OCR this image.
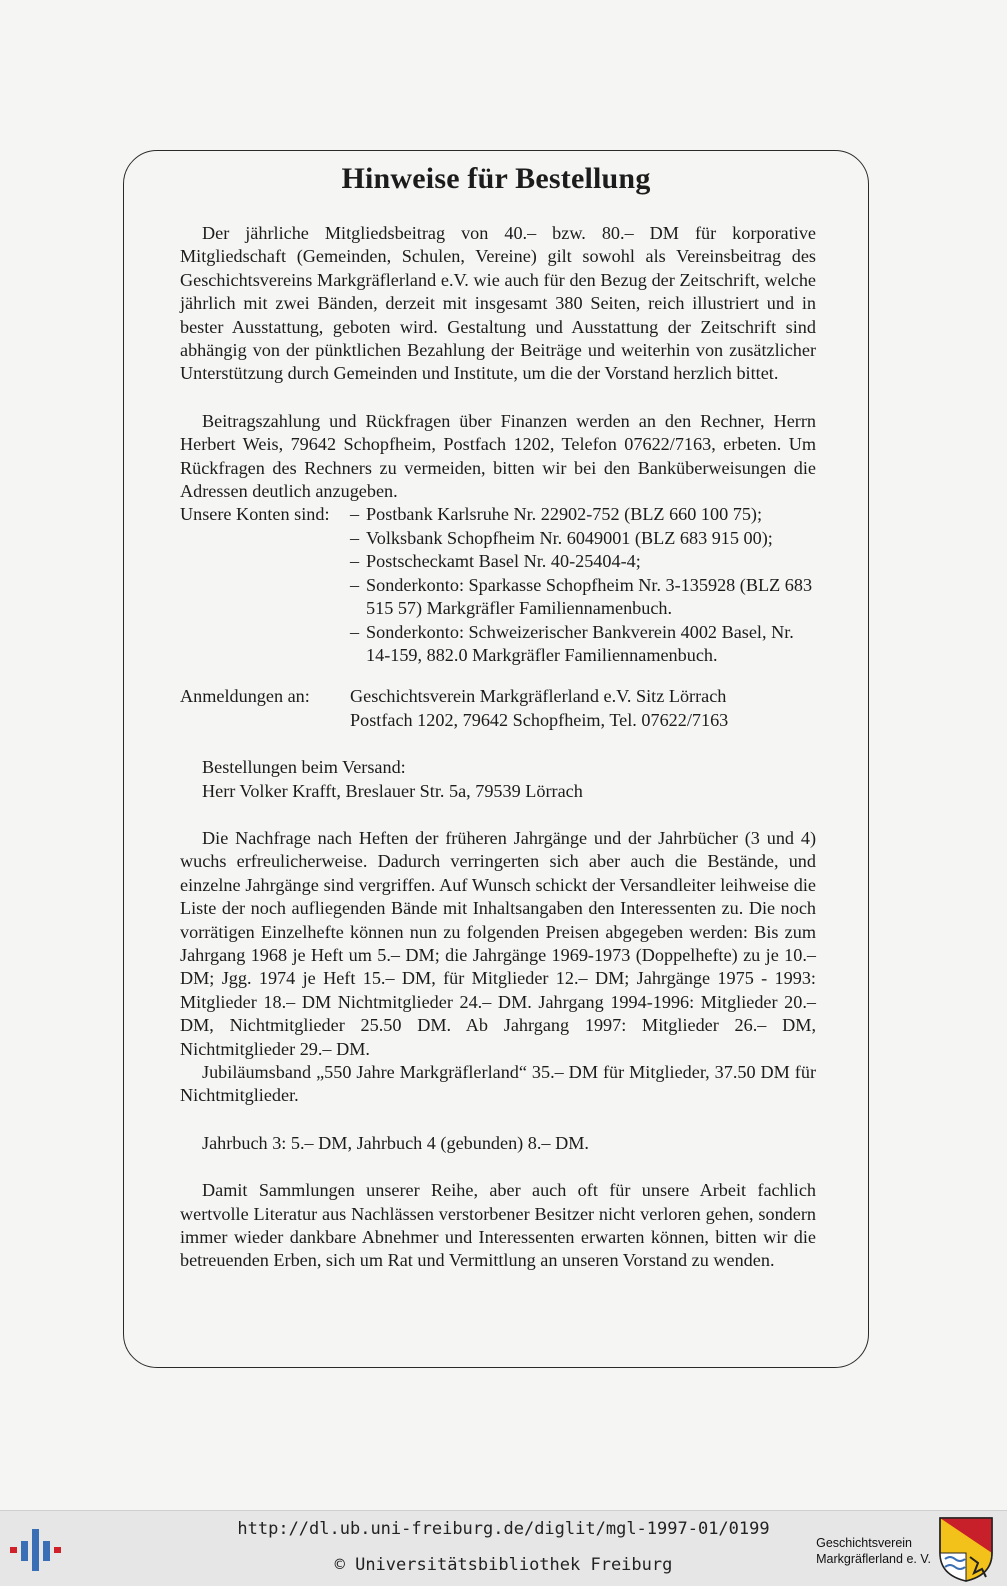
Hinweise für Bestellung

Der jährliche Mitgliedsbeitrag von 40.– bzw. 80.– DM für korporative Mitgliedschaft (Gemeinden, Schulen, Vereine) gilt sowohl als Vereinsbeitrag des Geschichtsvereins Markgräflerland e.V. wie auch für den Bezug der Zeitschrift, welche jährlich mit zwei Bänden, derzeit mit insgesamt 380 Seiten, reich illustriert und in bester Ausstattung, geboten wird. Gestaltung und Ausstattung der Zeitschrift sind abhängig von der pünktlichen Bezahlung der Beiträge und weiterhin von zusätzlicher Unterstützung durch Gemeinden und Institute, um die der Vorstand herzlich bittet.

Beitragszahlung und Rückfragen über Finanzen werden an den Rechner, Herrn Herbert Weis, 79642 Schopfheim, Postfach 1202, Telefon 07622/7163, erbeten. Um Rückfragen des Rechners zu vermeiden, bitten wir bei den Banküberweisungen die Adressen deutlich anzugeben.

Unsere Konten sind:	– Postbank Karlsruhe Nr. 22902-752 (BLZ 660 100 75);
– Volksbank Schopfheim Nr. 6049001 (BLZ 683 915 00);
– Postscheckamt Basel Nr. 40-25404-4;
– Sonderkonto: Sparkasse Schopfheim Nr. 3-135928 (BLZ 683 515 57) Markgräfler Familiennamenbuch.
– Sonderkonto: Schweizerischer Bankverein 4002 Basel, Nr. 14-159, 882.0 Markgräfler Familiennamenbuch.
Anmeldungen an:	Geschichtsverein Markgräflerland e.V. Sitz Lörrach
Postfach 1202, 79642 Schopfheim, Tel. 07622/7163
Bestellungen beim Versand:
Herr Volker Krafft, Breslauer Str. 5a, 79539 Lörrach

Die Nachfrage nach Heften der früheren Jahrgänge und der Jahrbücher (3 und 4) wuchs erfreulicherweise. Dadurch verringerten sich aber auch die Bestände, und einzelne Jahrgänge sind vergriffen. Auf Wunsch schickt der Versandleiter leihweise die Liste der noch aufliegenden Bände mit Inhaltsangaben den Interessenten zu. Die noch vorrätigen Einzelhefte können nun zu folgenden Preisen abgegeben werden: Bis zum Jahrgang 1968 je Heft um 5.– DM; die Jahrgänge 1969-1973 (Doppelhefte) zu je 10.– DM; Jgg. 1974 je Heft 15.– DM, für Mitglieder 12.– DM; Jahrgänge 1975 - 1993: Mitglieder 18.– DM Nichtmitglieder 24.– DM. Jahrgang 1994-1996: Mitglieder 20.– DM, Nichtmitglieder 25.50 DM. Ab Jahrgang 1997: Mitglieder 26.– DM, Nichtmitglieder 29.– DM.

Jubiläumsband „550 Jahre Markgräflerland“ 35.– DM für Mitglieder, 37.50 DM für Nichtmitglieder.

Jahrbuch 3: 5.– DM, Jahrbuch 4 (gebunden) 8.– DM.

Damit Sammlungen unserer Reihe, aber auch oft für unsere Arbeit fachlich wertvolle Literatur aus Nachlässen verstorbener Besitzer nicht verloren gehen, sondern immer wieder dankbare Abnehmer und Interessenten erwarten können, bitten wir die betreuenden Erben, sich um Rat und Vermittlung an unseren Vorstand zu wenden.

http://dl.ub.uni-freiburg.de/diglit/mgl-1997-01/0199
© Universitätsbibliothek Freiburg
Geschichtsverein
Markgräflerland e. V.
